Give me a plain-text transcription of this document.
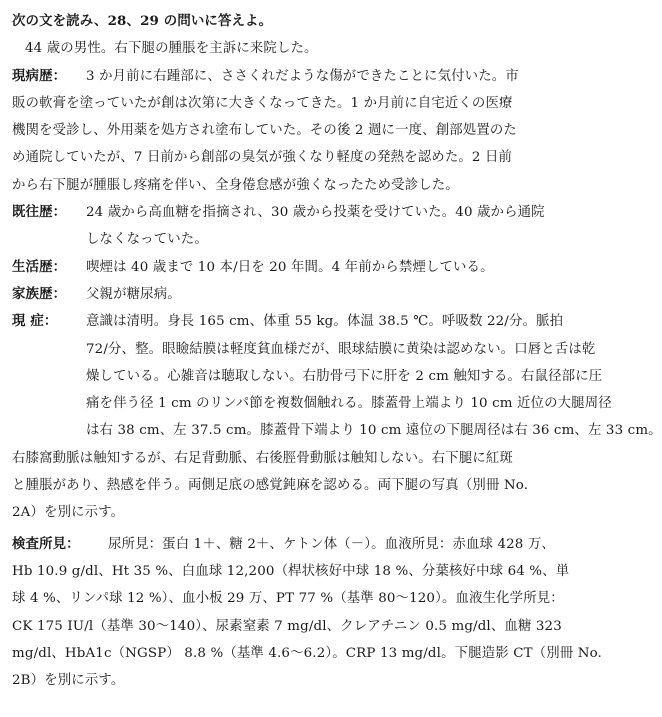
次の文を読み、28、29 の問いに答えよ。
44 歳の男性。右下腿の腫脹を主訴に来院した。
現病歴： 3 か月前に右踵部に、ささくれだような傷ができたことに気付いた。市
販の軟膏を塗っていたが創は次第に大きくなってきた。1 か月前に自宅近くの医療
機関を受診し、外用薬を処方され塗布していた。その後 2 週に一度、創部処置のた
め通院していたが、7 日前から創部の臭気が強くなり軽度の発熱を認めた。2 日前
から右下腿が腫脹し疼痛を伴い、全身倦怠感が強くなったため受診した。
既往歴： 24 歳から高血糖を指摘され、30 歳から投薬を受けていた。40 歳から通院
しなくなっていた。
生活歴： 喫煙は 40 歳まで 10 本/日を 20 年間。4 年前から禁煙している。
家族歴： 父親が糖尿病。
現 症： 意識は清明。身長 165 cm、体重 55 kg。体温 38.5 ℃。呼吸数 22/分。脈拍
72/分、整。眼瞼結膜は軽度貧血様だが、眼球結膜に黄染は認めない。口唇と舌は乾
燥している。心雑音は聴取しない。右肋骨弓下に肝を 2 cm 触知する。右鼠径部に圧
痛を伴う径 1 cm のリンパ節を複数個触れる。膝蓋骨上端より 10 cm 近位の大腿周径
は右 38 cm、左 37.5 cm。膝蓋骨下端より 10 cm 遠位の下腿周径は右 36 cm、左 33 cm。
右膝窩動脈は触知するが、右足背動脈、右後脛骨動脈は触知しない。右下腿に紅斑
と腫脹があり、熱感を伴う。両側足底の感覚鈍麻を認める。両下腿の写真（別冊 No.
2A）を別に示す。
検査所見： 尿所見：蛋白 1＋、糖 2＋、ケトン体（－）。血液所見：赤血球 428 万、
Hb 10.9 g/dl、Ht 35 %、白血球 12,200（桿状核好中球 18 %、分葉核好中球 64 %、単
球 4 %、リンパ球 12 %）、血小板 29 万、PT 77 %（基準 80～120）。血液生化学所見：
CK 175 IU/l（基準 30～140）、尿素窒素 7 mg/dl、クレアチニン 0.5 mg/dl、血糖 323
mg/dl、HbA1c（NGSP） 8.8 %（基準 4.6～6.2）。CRP 13 mg/dl。下腿造影 CT（別冊 No.
2B）を別に示す。
